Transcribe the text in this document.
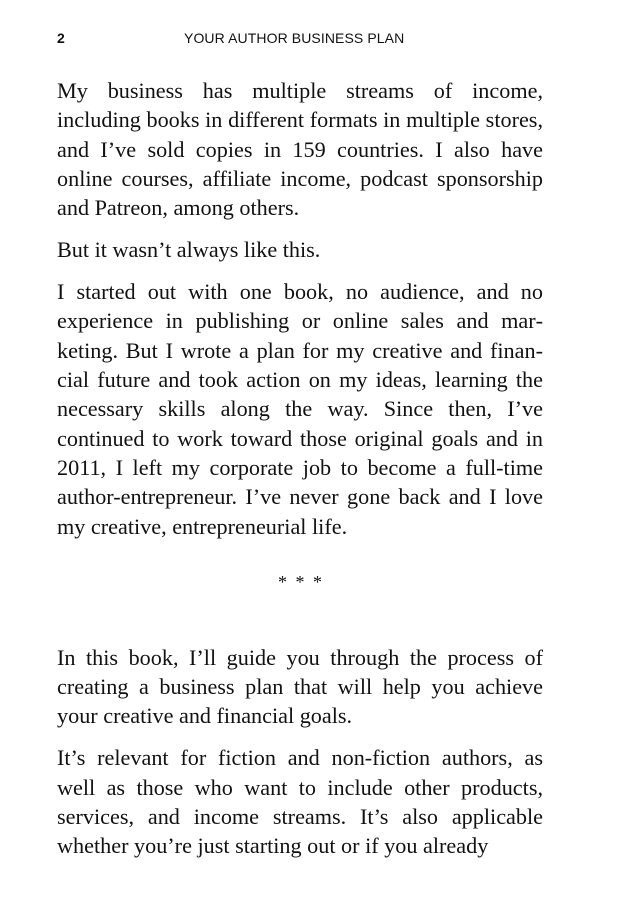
2	YOUR AUTHOR BUSINESS PLAN

My business has multiple streams of income, including books in different formats in multiple stores, and I’ve sold copies in 159 countries. I also have online courses, affiliate income, podcast sponsorship and Patreon, among others.

But it wasn’t always like this.

I started out with one book, no audience, and no experience in publishing or online sales and marketing. But I wrote a plan for my creative and financial future and took action on my ideas, learning the necessary skills along the way. Since then, I’ve continued to work toward those original goals and in 2011, I left my corporate job to become a full-time author-entrepreneur. I’ve never gone back and I love my creative, entrepreneurial life.

* * *

In this book, I’ll guide you through the process of creating a business plan that will help you achieve your creative and financial goals.

It’s relevant for fiction and non-fiction authors, as well as those who want to include other products, services, and income streams. It’s also applicable whether you’re just starting out or if you already
